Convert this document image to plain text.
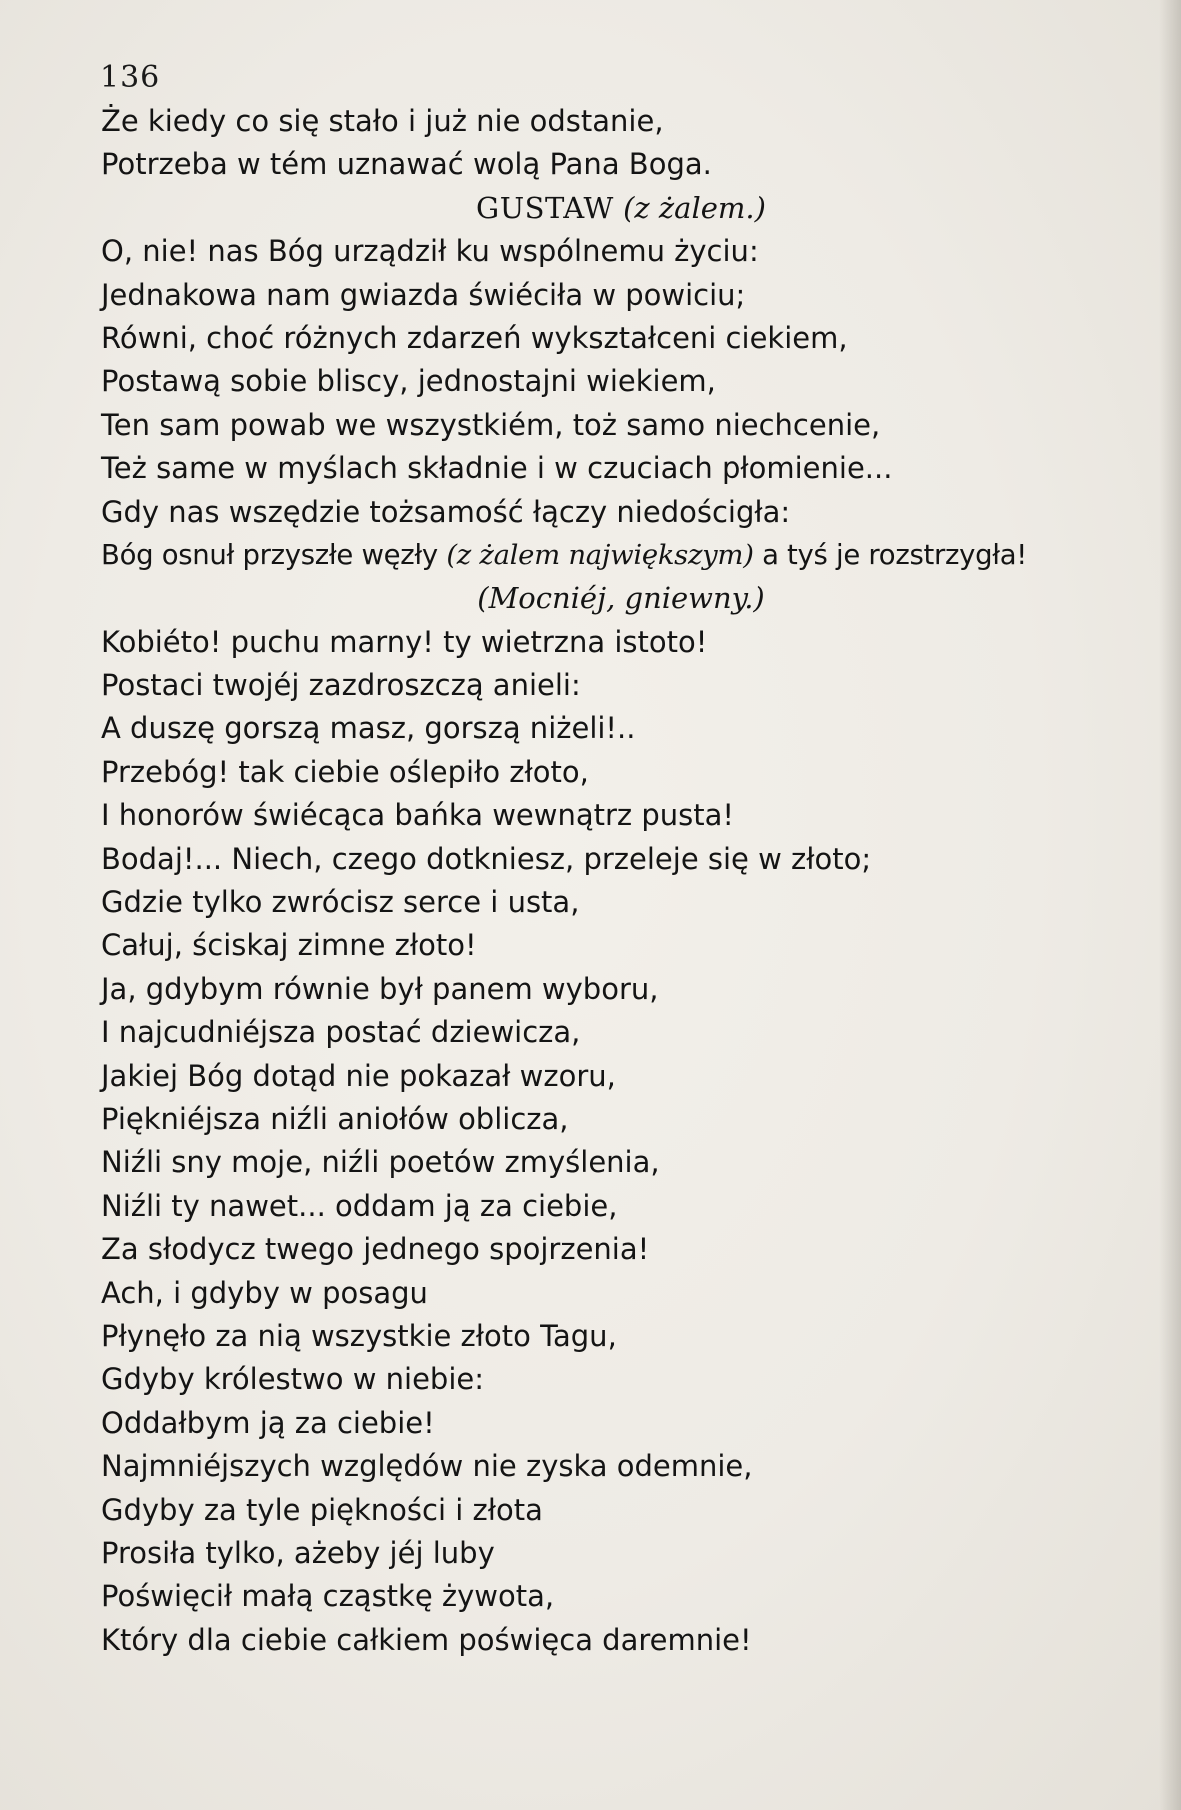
136
Że kiedy co się stało i już nie odstanie,
Potrzeba w tém uznawać wolą Pana Boga.
GUSTAW (z żalem.)
O, nie! nas Bóg urządził ku wspólnemu życiu:
Jednakowa nam gwiazda świéciła w powiciu;
Równi, choć różnych zdarzeń wykształceni ciekiem,
Postawą sobie bliscy, jednostajni wiekiem,
Ten sam powab we wszystkiém, toż samo niechcenie,
Też same w myślach składnie i w czuciach płomienie...
Gdy nas wszędzie tożsamość łączy niedościgła:
Bóg osnuł przyszłe węzły (z żalem największym) a tyś je rozstrzygła!
(Mocniéj, gniewny.)
Kobiéto! puchu marny! ty wietrzna istoto!
Postaci twojéj zazdroszczą anieli:
A duszę gorszą masz, gorszą niżeli!..
Przebóg! tak ciebie oślepiło złoto,
I honorów świécąca bańka wewnątrz pusta!
Bodaj!... Niech, czego dotkniesz, przeleje się w złoto;
Gdzie tylko zwrócisz serce i usta,
Całuj, ściskaj zimne złoto!
Ja, gdybym równie był panem wyboru,
I najcudniéjsza postać dziewicza,
Jakiej Bóg dotąd nie pokazał wzoru,
Piękniéjsza niźli aniołów oblicza,
Niźli sny moje, niźli poetów zmyślenia,
Niźli ty nawet... oddam ją za ciebie,
Za słodycz twego jednego spojrzenia!
Ach, i gdyby w posagu
Płynęło za nią wszystkie złoto Tagu,
Gdyby królestwo w niebie:
Oddałbym ją za ciebie!
Najmniéjszych względów nie zyska odemnie,
Gdyby za tyle piękności i złota
Prosiła tylko, ażeby jéj luby
Poświęcił małą cząstkę żywota,
Który dla ciebie całkiem poświęca daremnie!
